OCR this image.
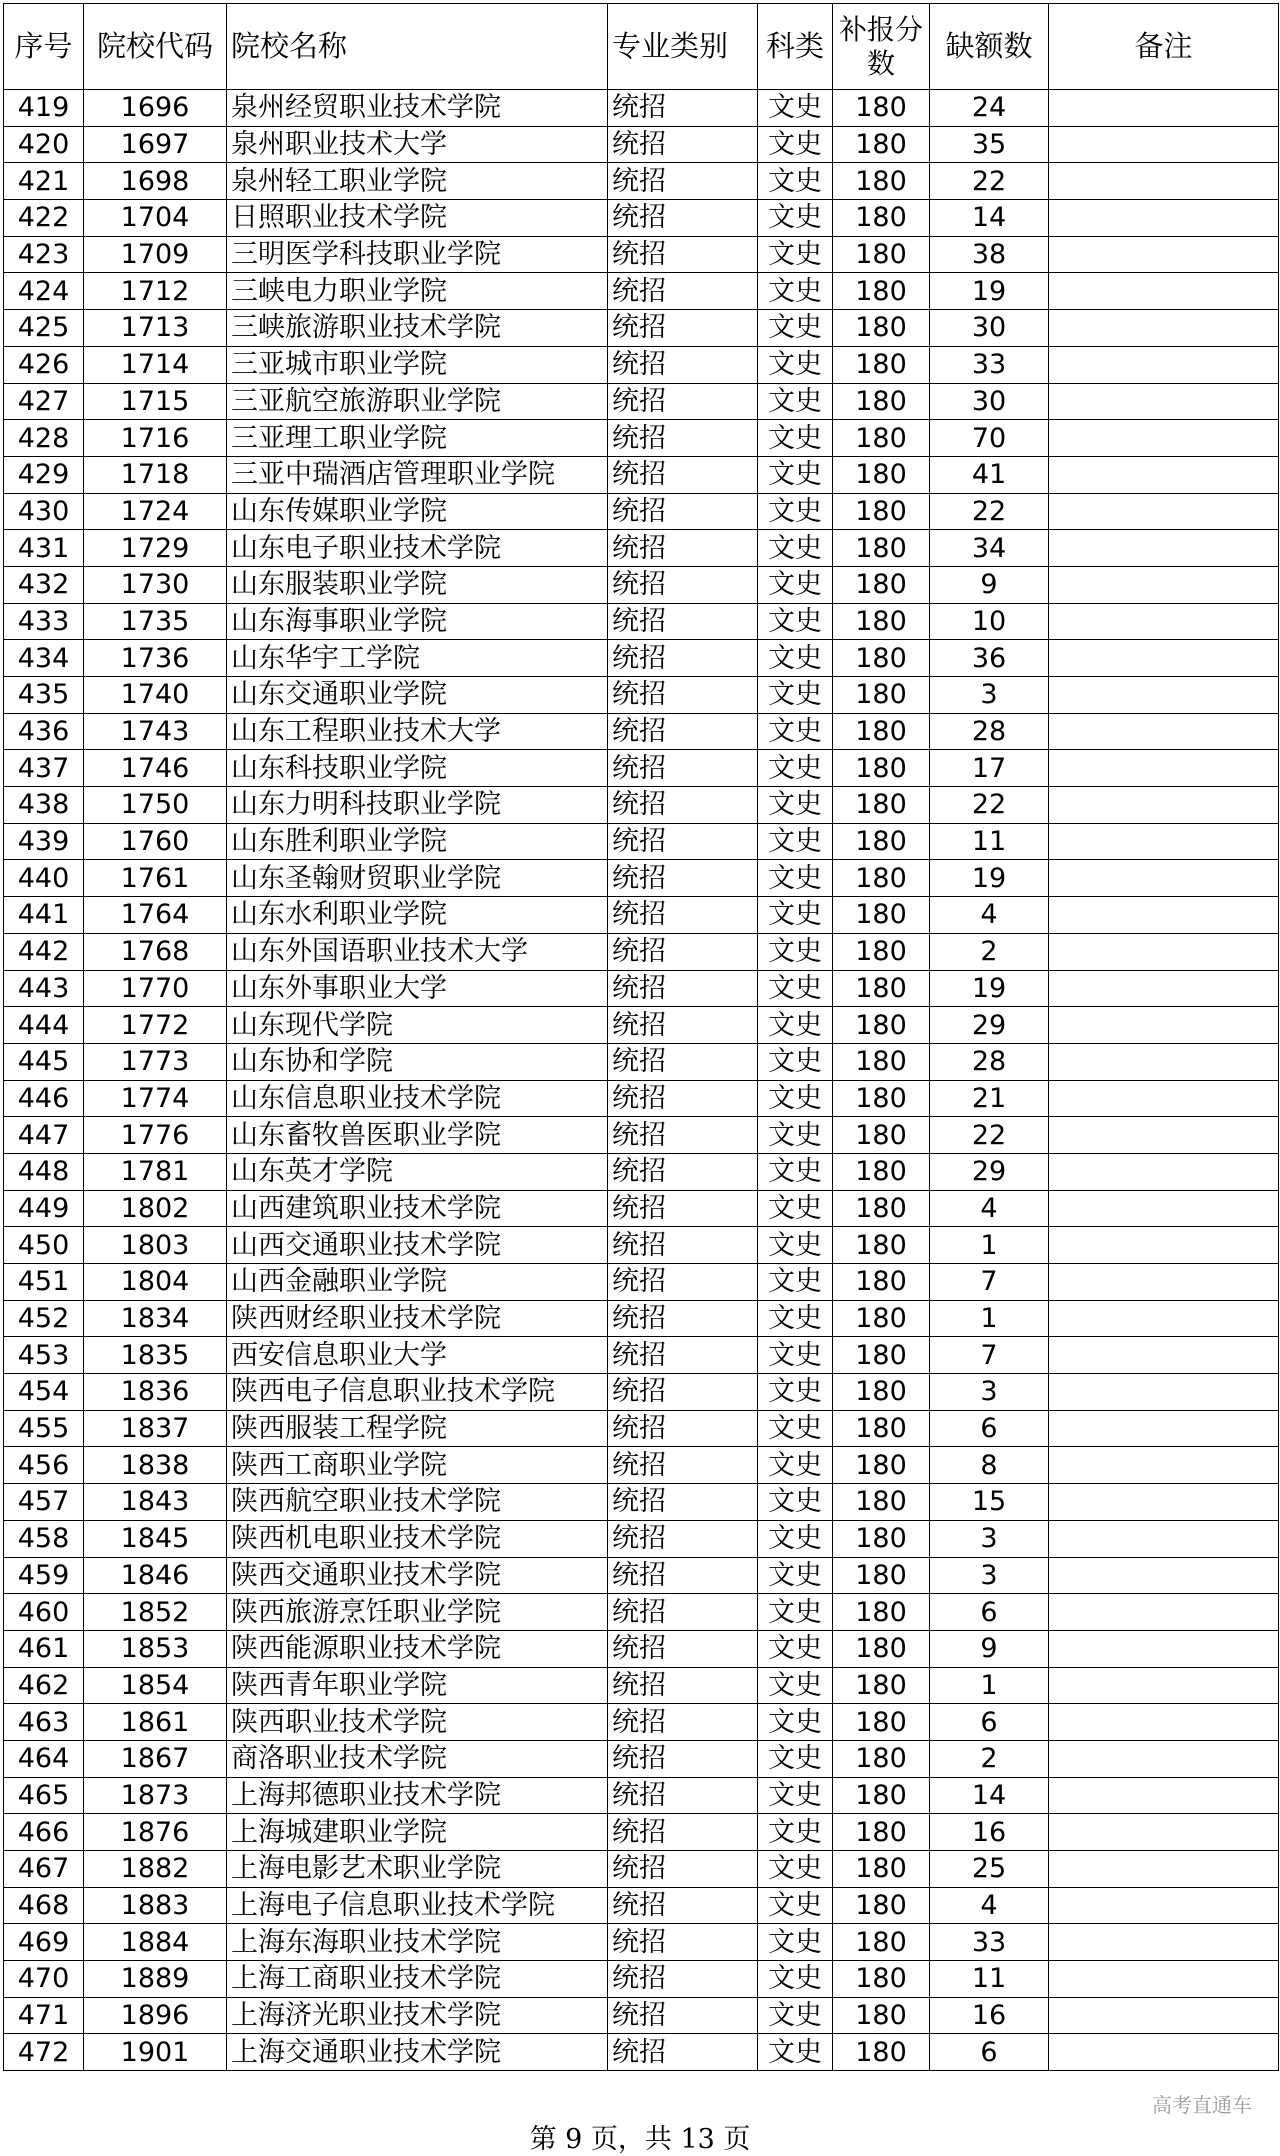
序号	院校代码	院校名称	专业类别	科类	补报分数	缺额数	备注
419	1696	泉州经贸职业技术学院	统招	文史	180	24	
420	1697	泉州职业技术大学	统招	文史	180	35	
421	1698	泉州轻工职业学院	统招	文史	180	22	
422	1704	日照职业技术学院	统招	文史	180	14	
423	1709	三明医学科技职业学院	统招	文史	180	38	
424	1712	三峡电力职业学院	统招	文史	180	19	
425	1713	三峡旅游职业技术学院	统招	文史	180	30	
426	1714	三亚城市职业学院	统招	文史	180	33	
427	1715	三亚航空旅游职业学院	统招	文史	180	30	
428	1716	三亚理工职业学院	统招	文史	180	70	
429	1718	三亚中瑞酒店管理职业学院	统招	文史	180	41	
430	1724	山东传媒职业学院	统招	文史	180	22	
431	1729	山东电子职业技术学院	统招	文史	180	34	
432	1730	山东服装职业学院	统招	文史	180	9	
433	1735	山东海事职业学院	统招	文史	180	10	
434	1736	山东华宇工学院	统招	文史	180	36	
435	1740	山东交通职业学院	统招	文史	180	3	
436	1743	山东工程职业技术大学	统招	文史	180	28	
437	1746	山东科技职业学院	统招	文史	180	17	
438	1750	山东力明科技职业学院	统招	文史	180	22	
439	1760	山东胜利职业学院	统招	文史	180	11	
440	1761	山东圣翰财贸职业学院	统招	文史	180	19	
441	1764	山东水利职业学院	统招	文史	180	4	
442	1768	山东外国语职业技术大学	统招	文史	180	2	
443	1770	山东外事职业大学	统招	文史	180	19	
444	1772	山东现代学院	统招	文史	180	29	
445	1773	山东协和学院	统招	文史	180	28	
446	1774	山东信息职业技术学院	统招	文史	180	21	
447	1776	山东畜牧兽医职业学院	统招	文史	180	22	
448	1781	山东英才学院	统招	文史	180	29	
449	1802	山西建筑职业技术学院	统招	文史	180	4	
450	1803	山西交通职业技术学院	统招	文史	180	1	
451	1804	山西金融职业学院	统招	文史	180	7	
452	1834	陕西财经职业技术学院	统招	文史	180	1	
453	1835	西安信息职业大学	统招	文史	180	7	
454	1836	陕西电子信息职业技术学院	统招	文史	180	3	
455	1837	陕西服装工程学院	统招	文史	180	6	
456	1838	陕西工商职业学院	统招	文史	180	8	
457	1843	陕西航空职业技术学院	统招	文史	180	15	
458	1845	陕西机电职业技术学院	统招	文史	180	3	
459	1846	陕西交通职业技术学院	统招	文史	180	3	
460	1852	陕西旅游烹饪职业学院	统招	文史	180	6	
461	1853	陕西能源职业技术学院	统招	文史	180	9	
462	1854	陕西青年职业学院	统招	文史	180	1	
463	1861	陕西职业技术学院	统招	文史	180	6	
464	1867	商洛职业技术学院	统招	文史	180	2	
465	1873	上海邦德职业技术学院	统招	文史	180	14	
466	1876	上海城建职业学院	统招	文史	180	16	
467	1882	上海电影艺术职业学院	统招	文史	180	25	
468	1883	上海电子信息职业技术学院	统招	文史	180	4	
469	1884	上海东海职业技术学院	统招	文史	180	33	
470	1889	上海工商职业技术学院	统招	文史	180	11	
471	1896	上海济光职业技术学院	统招	文史	180	16	
472	1901	上海交通职业技术学院	统招	文史	180	6	
第 9 页，共 13 页
高考直通车
